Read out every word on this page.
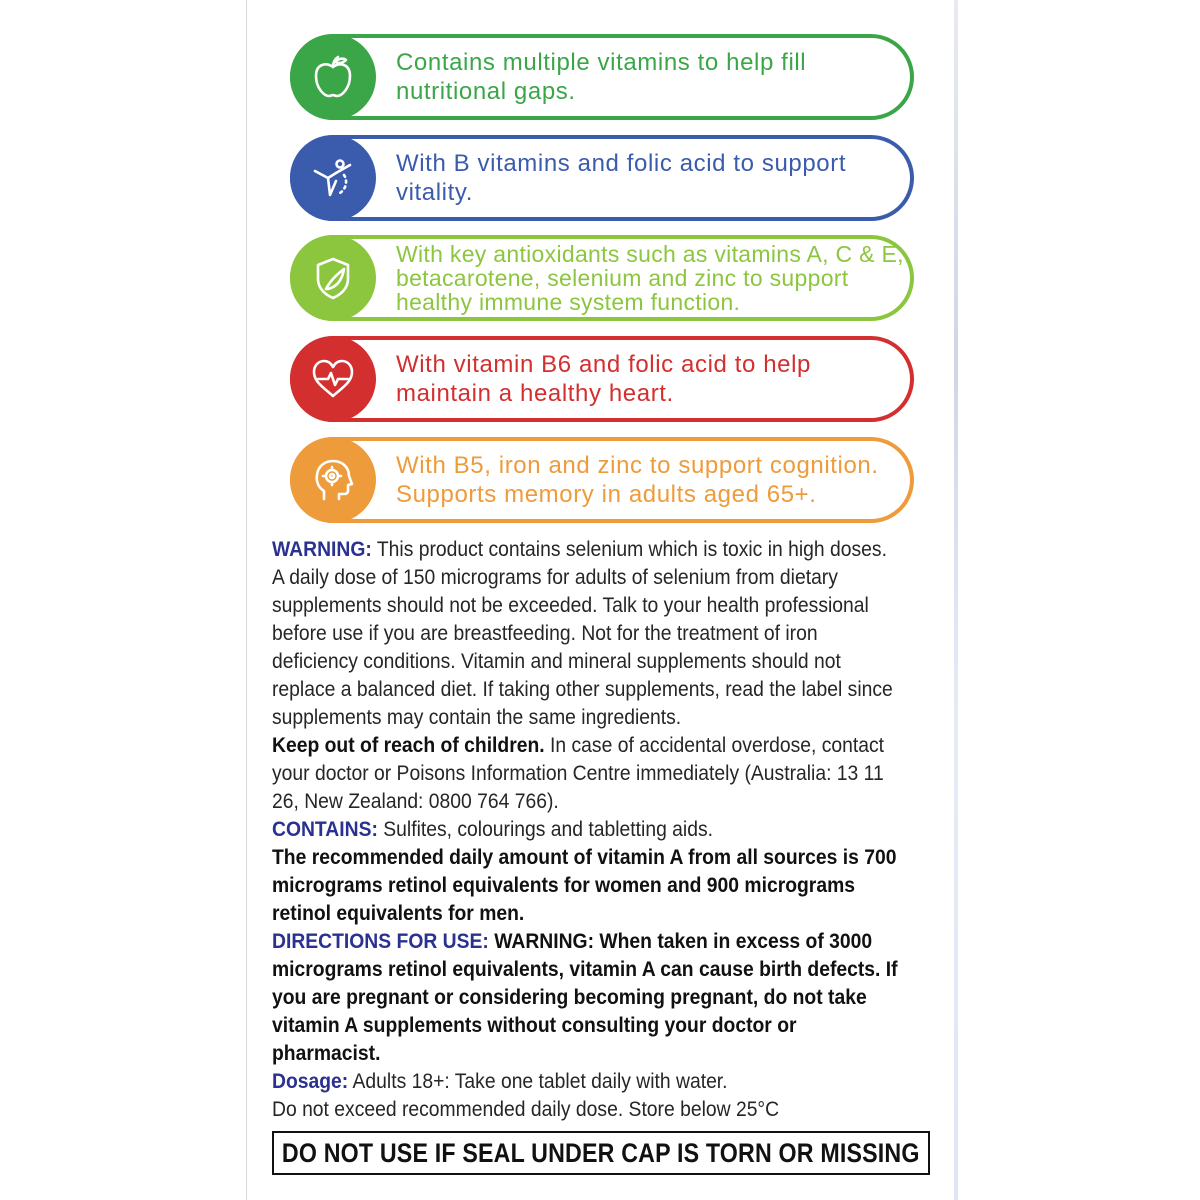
Contains multiple vitamins to help fill nutritional gaps.
With B vitamins and folic acid to support vitality.
With key antioxidants such as vitamins A, C & E, betacarotene, selenium and zinc to support healthy immune system function.
With vitamin B6 and folic acid to help maintain a healthy heart.
With B5, iron and zinc to support cognition. Supports memory in adults aged 65+.

WARNING: This product contains selenium which is toxic in high doses. A daily dose of 150 micrograms for adults of selenium from dietary supplements should not be exceeded. Talk to your health professional before use if you are breastfeeding. Not for the treatment of iron deficiency conditions. Vitamin and mineral supplements should not replace a balanced diet. If taking other supplements, read the label since supplements may contain the same ingredients.

Keep out of reach of children. In case of accidental overdose, contact your doctor or Poisons Information Centre immediately (Australia: 13 11 26, New Zealand: 0800 764 766).

CONTAINS: Sulfites, colourings and tabletting aids.

The recommended daily amount of vitamin A from all sources is 700 micrograms retinol equivalents for women and 900 micrograms retinol equivalents for men.

DIRECTIONS FOR USE: WARNING: When taken in excess of 3000 micrograms retinol equivalents, vitamin A can cause birth defects. If you are pregnant or considering becoming pregnant, do not take vitamin A supplements without consulting your doctor or pharmacist.

Dosage: Adults 18+: Take one tablet daily with water.

Do not exceed recommended daily dose. Store below 25°C

DO NOT USE IF SEAL UNDER CAP IS TORN OR MISSING
